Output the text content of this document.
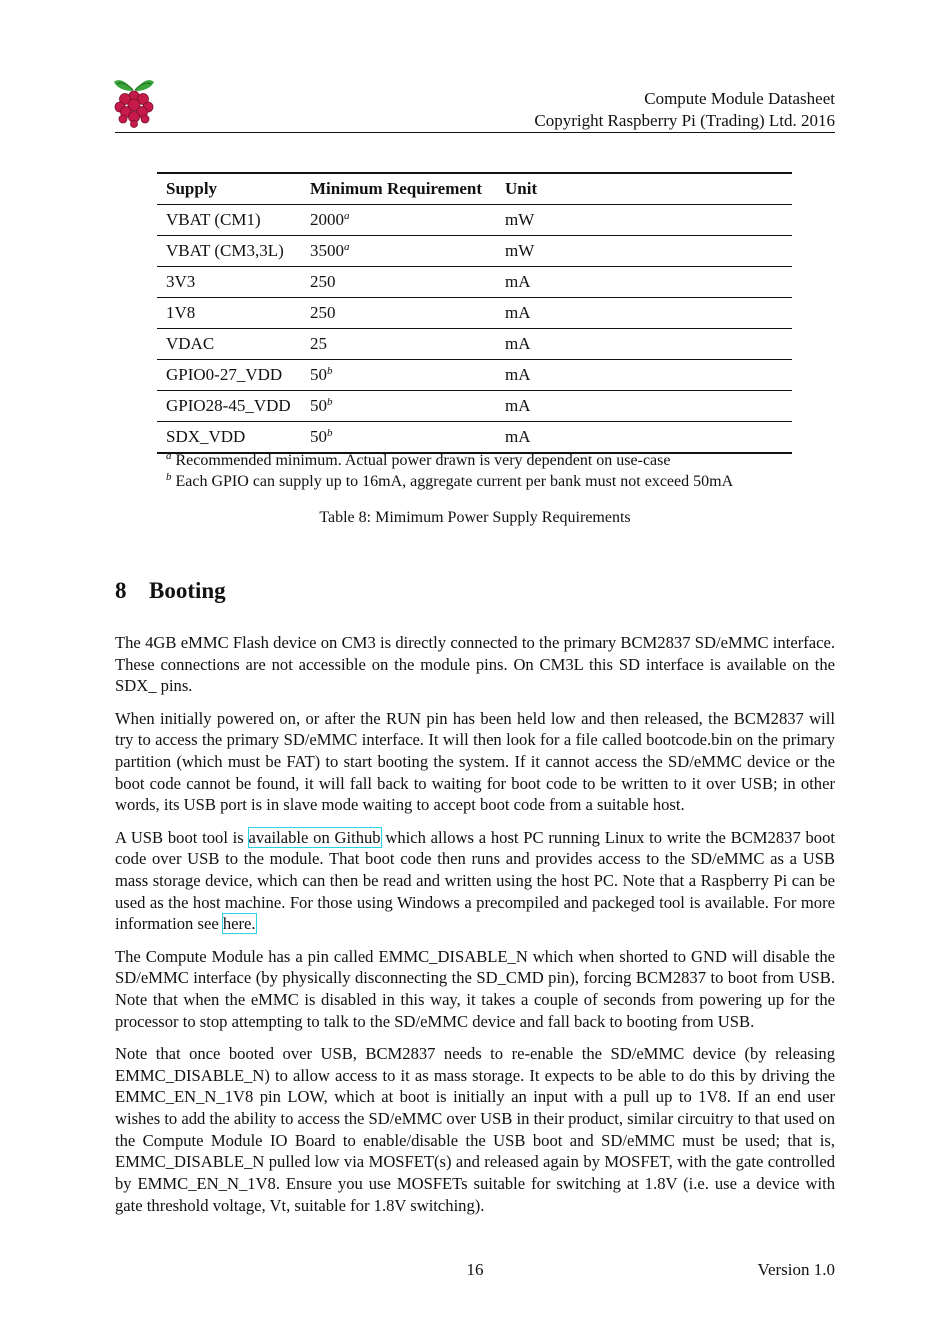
Compute Module Datasheet
Copyright Raspberry Pi (Trading) Ltd. 2016
Supply	Minimum Requirement	Unit
VBAT (CM1)	2000$^a$	mW
VBAT (CM3,3L)	3500$^a$	mW
3V3	250	mA
1V8	250	mA
VDAC	25	mA
GPIO0-27_VDD	50$^b$	mA
GPIO28-45_VDD	50$^b$	mA
SDX_VDD	50$^b$	mA
$^a$ Recommended minimum. Actual power drawn is very dependent on use-case
$^b$ Each GPIO can supply up to 16mA, aggregate current per bank must not exceed 50mA
Table 8: Mimimum Power Supply Requirements
8 Booting

The 4GB eMMC Flash device on CM3 is directly connected to the primary BCM2837 SD/eMMC interface. These connections are not accessible on the module pins. On CM3L this SD interface is available on the SDX_ pins.

When initially powered on, or after the RUN pin has been held low and then released, the BCM2837 will try to access the primary SD/eMMC interface. It will then look for a file called bootcode.bin on the primary partition (which must be FAT) to start booting the system. If it cannot access the SD/eMMC device or the boot code cannot be found, it will fall back to waiting for boot code to be written to it over USB; in other words, its USB port is in slave mode waiting to accept boot code from a suitable host.

A USB boot tool is available on Github which allows a host PC running Linux to write the BCM2837 boot code over USB to the module. That boot code then runs and provides access to the SD/eMMC as a USB mass storage device, which can then be read and written using the host PC. Note that a Raspberry Pi can be used as the host machine. For those using Windows a precompiled and packeged tool is available. For more information see here.

The Compute Module has a pin called EMMC_DISABLE_N which when shorted to GND will disable the SD/eMMC interface (by physically disconnecting the SD_CMD pin), forcing BCM2837 to boot from USB. Note that when the eMMC is disabled in this way, it takes a couple of seconds from powering up for the processor to stop attempting to talk to the SD/eMMC device and fall back to booting from USB.

Note that once booted over USB, BCM2837 needs to re-enable the SD/eMMC device (by releasing EMMC_DISABLE_N) to allow access to it as mass storage. It expects to be able to do this by driving the EMMC_EN_N_1V8 pin LOW, which at boot is initially an input with a pull up to 1V8. If an end user wishes to add the ability to access the SD/eMMC over USB in their product, similar circuitry to that used on the Compute Module IO Board to enable/disable the USB boot and SD/eMMC must be used; that is, EMMC_DISABLE_N pulled low via MOSFET(s) and released again by MOSFET, with the gate controlled by EMMC_EN_N_1V8. Ensure you use MOSFETs suitable for switching at 1.8V (i.e. use a device with gate threshold voltage, Vt, suitable for 1.8V switching).

16	Version 1.0
